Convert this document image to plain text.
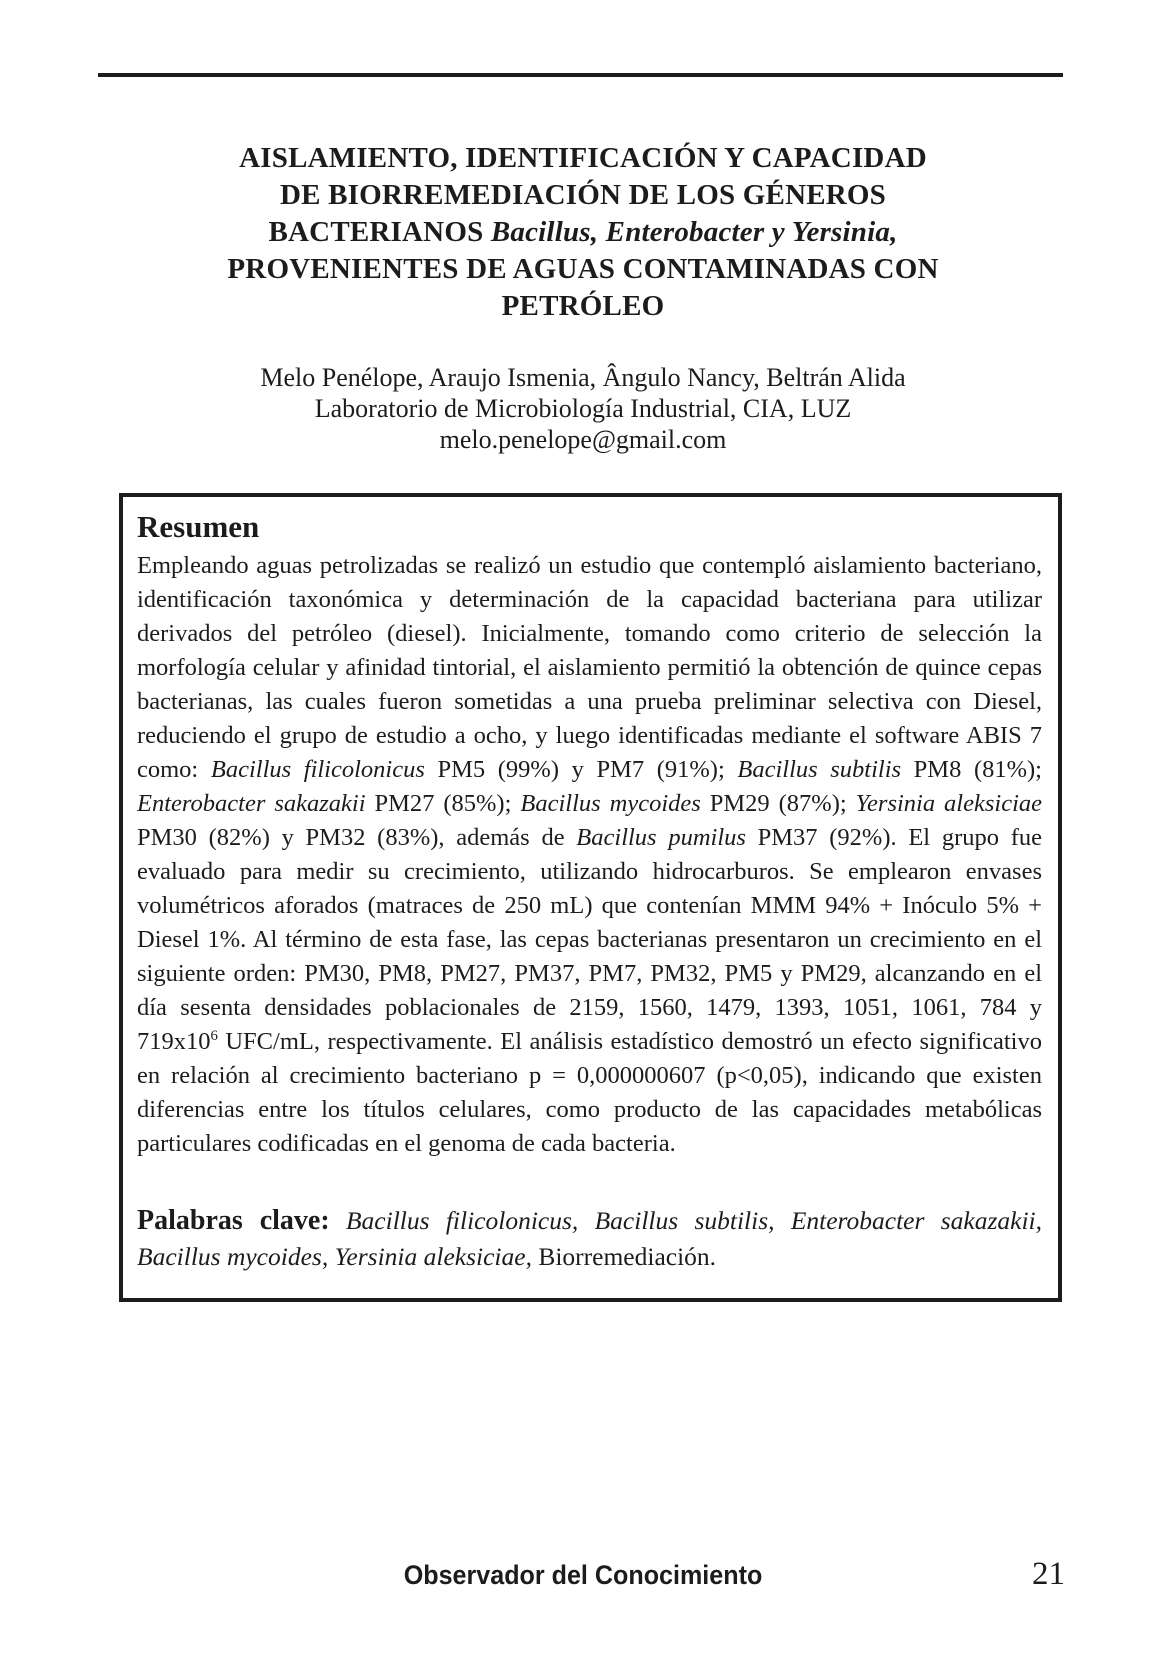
AISLAMIENTO, IDENTIFICACIÓN Y CAPACIDAD
DE BIORREMEDIACIÓN DE LOS GÉNEROS
BACTERIANOS Bacillus, Enterobacter y Yersinia,
PROVENIENTES DE AGUAS CONTAMINADAS CON
PETRÓLEO
Melo Penélope, Araujo Ismenia, Ângulo Nancy, Beltrán Alida
Laboratorio de Microbiología Industrial, CIA, LUZ
melo.penelope@gmail.com
Resumen

Empleando aguas petrolizadas se realizó un estudio que contempló aislamiento bacteriano, identificación taxonómica y determinación de la capacidad bacteriana para utilizar derivados del petróleo (diesel). Inicialmente, tomando como criterio de selección la morfología celular y afinidad tintorial, el aislamiento permitió la obtención de quince cepas bacterianas, las cuales fueron sometidas a una prueba preliminar selectiva con Diesel, reduciendo el grupo de estudio a ocho, y luego identificadas mediante el software ABIS 7 como: Bacillus filicolonicus PM5 (99%) y PM7 (91%); Bacillus subtilis PM8 (81%); Enterobacter sakazakii PM27 (85%); Bacillus mycoides PM29 (87%); Yersinia aleksiciae PM30 (82%) y PM32 (83%), además de Bacillus pumilus PM37 (92%). El grupo fue evaluado para medir su crecimiento, utilizando hidrocarburos. Se emplearon envases volumétricos aforados (matraces de 250 mL) que contenían MMM 94% + Inóculo 5% + Diesel 1%. Al término de esta fase, las cepas bacterianas presentaron un crecimiento en el siguiente orden: PM30, PM8, PM27, PM37, PM7, PM32, PM5 y PM29, alcanzando en el día sesenta densidades poblacionales de 2159, 1560, 1479, 1393, 1051, 1061, 784 y $719x10^6$ UFC/mL, respectivamente. El análisis estadístico demostró un efecto significativo en relación al crecimiento bacteriano p = 0,000000607 (p<0,05), indicando que existen diferencias entre los títulos celulares, como producto de las capacidades metabólicas particulares codificadas en el genoma de cada bacteria.

Palabras clave: Bacillus filicolonicus, Bacillus subtilis, Enterobacter sakazakii, Bacillus mycoides, Yersinia aleksiciae, Biorremediación.

Observador del Conocimiento	21
